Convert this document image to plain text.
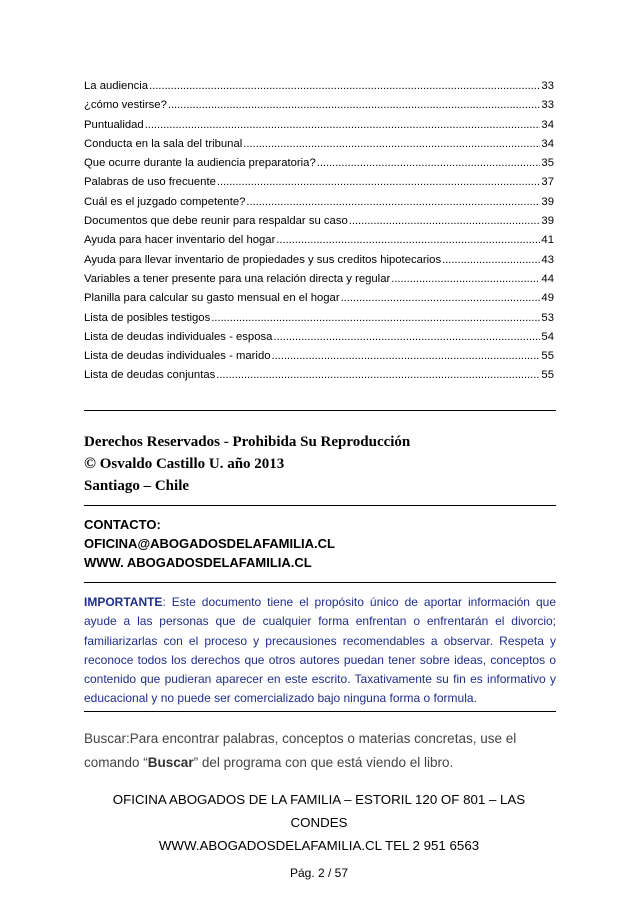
La audiencia . . .	33
¿cómo vestirse? . . .	33
Puntualidad . . .	34
Conducta en la sala del tribunal . . .	34
Que ocurre durante la audiencia preparatoria? . . .	35
Palabras de uso frecuente . . .	37
Cuál es el juzgado competente? . . .	39
Documentos que debe reunir para respaldar su caso . . .	39
Ayuda para hacer inventario del hogar . . .	41
Ayuda para llevar inventario de propiedades y sus creditos hipotecarios . . .	43
Variables a tener presente para una relación directa y regular . . .	44
Planilla para calcular su gasto mensual en el hogar . . .	49
Lista de posibles testigos . . .	53
Lista de deudas individuales - esposa . . .	54
Lista de deudas individuales - marido . . .	55
Lista de deudas conjuntas . . .	55
Derechos Reservados - Prohibida Su Reproducción
© Osvaldo Castillo U. año 2013
Santiago – Chile
CONTACTO:
OFICINA@ABOGADOSDELAFAMILIA.CL
WWW. ABOGADOSDELAFAMILIA.CL
IMPORTANTE: Este documento tiene el propósito único de aportar información que ayude a las personas que de cualquier forma enfrentan o enfrentarán el divorcio; familiarizarlas con el proceso y precausiones recomendables a observar. Respeta y reconoce todos los derechos que otros autores puedan tener sobre ideas, conceptos o contenido que pudieran aparecer en este escrito. Taxativamente su fin es informativo y educacional y no puede ser comercializado bajo ninguna forma o formula.
Buscar:Para encontrar palabras, conceptos o materias concretas, use el comando “Buscar” del programa con que está viendo el libro.
OFICINA ABOGADOS DE LA FAMILIA – ESTORIL 120 OF 801 – LAS CONDES
WWW.ABOGADOSDELAFAMILIA.CL TEL 2 951 6563
Pág. 2 / 57
